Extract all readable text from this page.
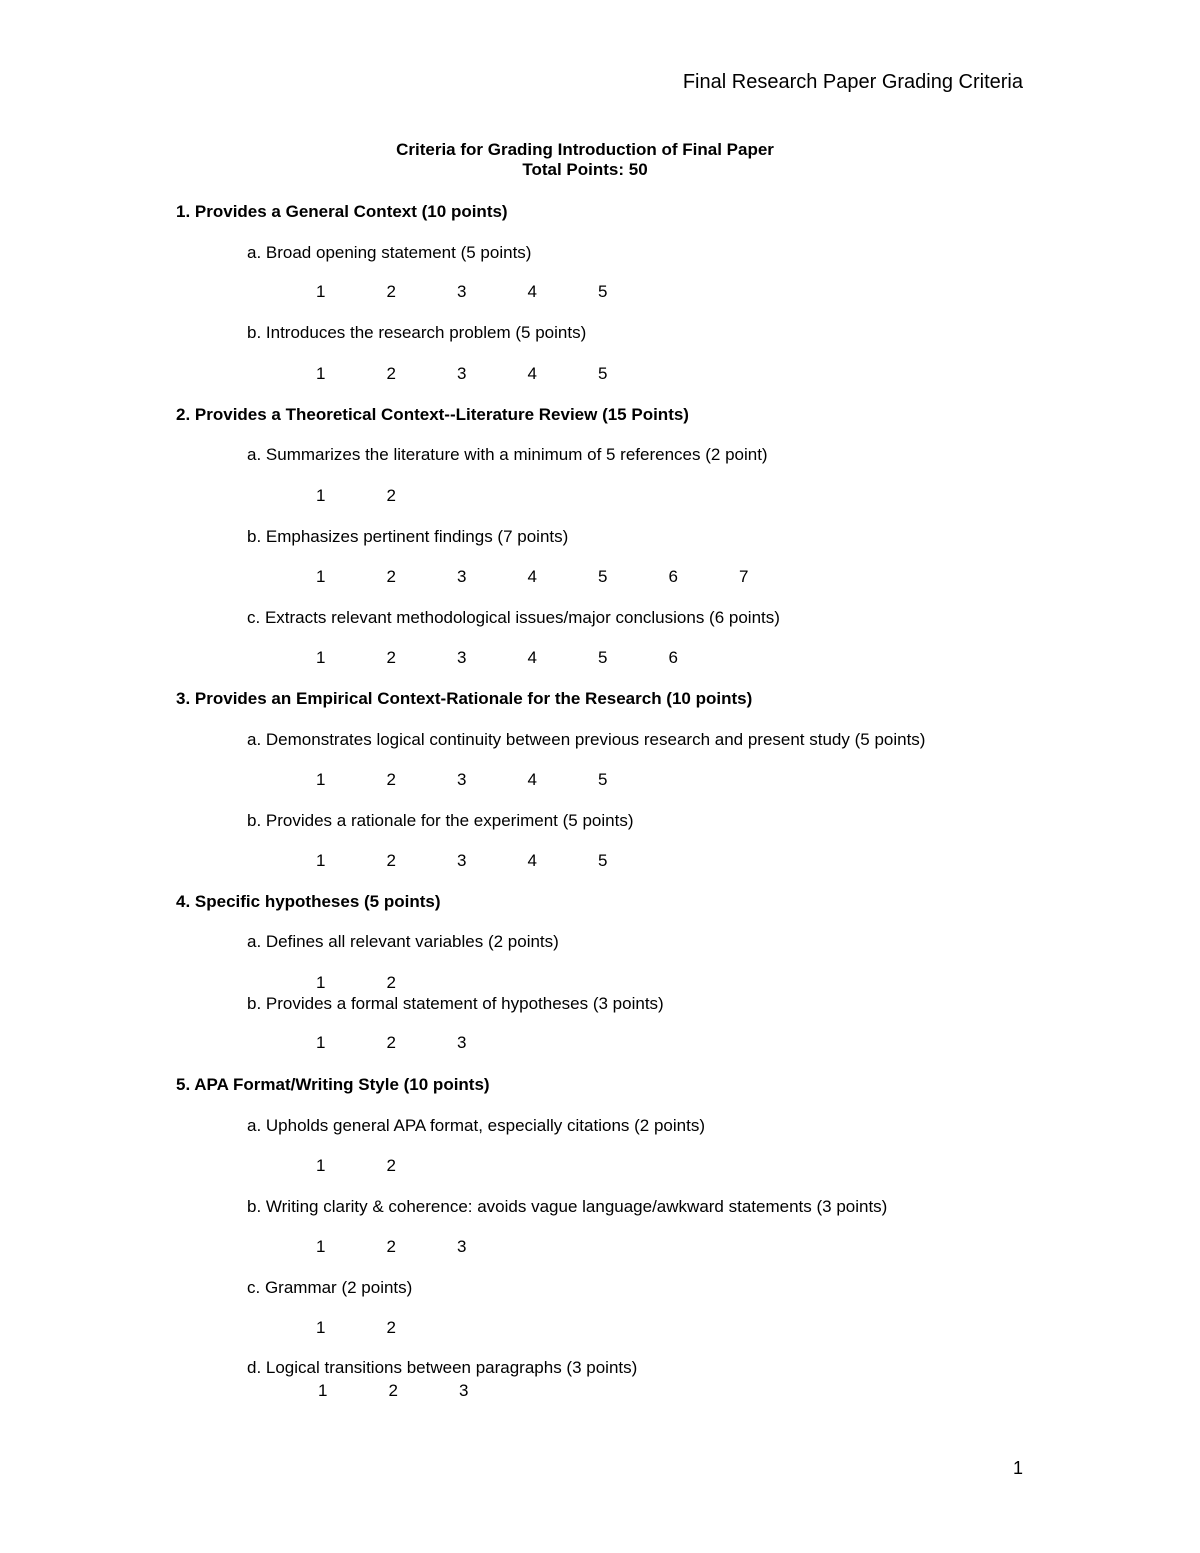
Final Research Paper Grading Criteria
Criteria for Grading Introduction of Final Paper
Total Points: 50
1. Provides a General Context (10 points)
a. Broad opening statement (5 points)
1	2	3	4	5
b. Introduces the research problem (5 points)
1	2	3	4	5
2. Provides a Theoretical Context--Literature Review (15 Points)
a. Summarizes the literature with a minimum of 5 references (2 point)
1	2
b. Emphasizes pertinent findings (7 points)
1	2	3	4	5	6	7
c. Extracts relevant methodological issues/major conclusions (6 points)
1	2	3	4	5	6
3. Provides an Empirical Context-Rationale for the Research (10 points)
a. Demonstrates logical continuity between previous research and present study (5 points)
1	2	3	4	5
b. Provides a rationale for the experiment (5 points)
1	2	3	4	5
4. Specific hypotheses (5 points)
a. Defines all relevant variables (2 points)
1	2
b. Provides a formal statement of hypotheses (3 points)
1	2	3
5. APA Format/Writing Style (10 points)
a. Upholds general APA format, especially citations (2 points)
1	2
b. Writing clarity & coherence: avoids vague language/awkward statements (3 points)
1	2	3
c. Grammar (2 points)
1	2
d. Logical transitions between paragraphs (3 points)
1	2	3
1
